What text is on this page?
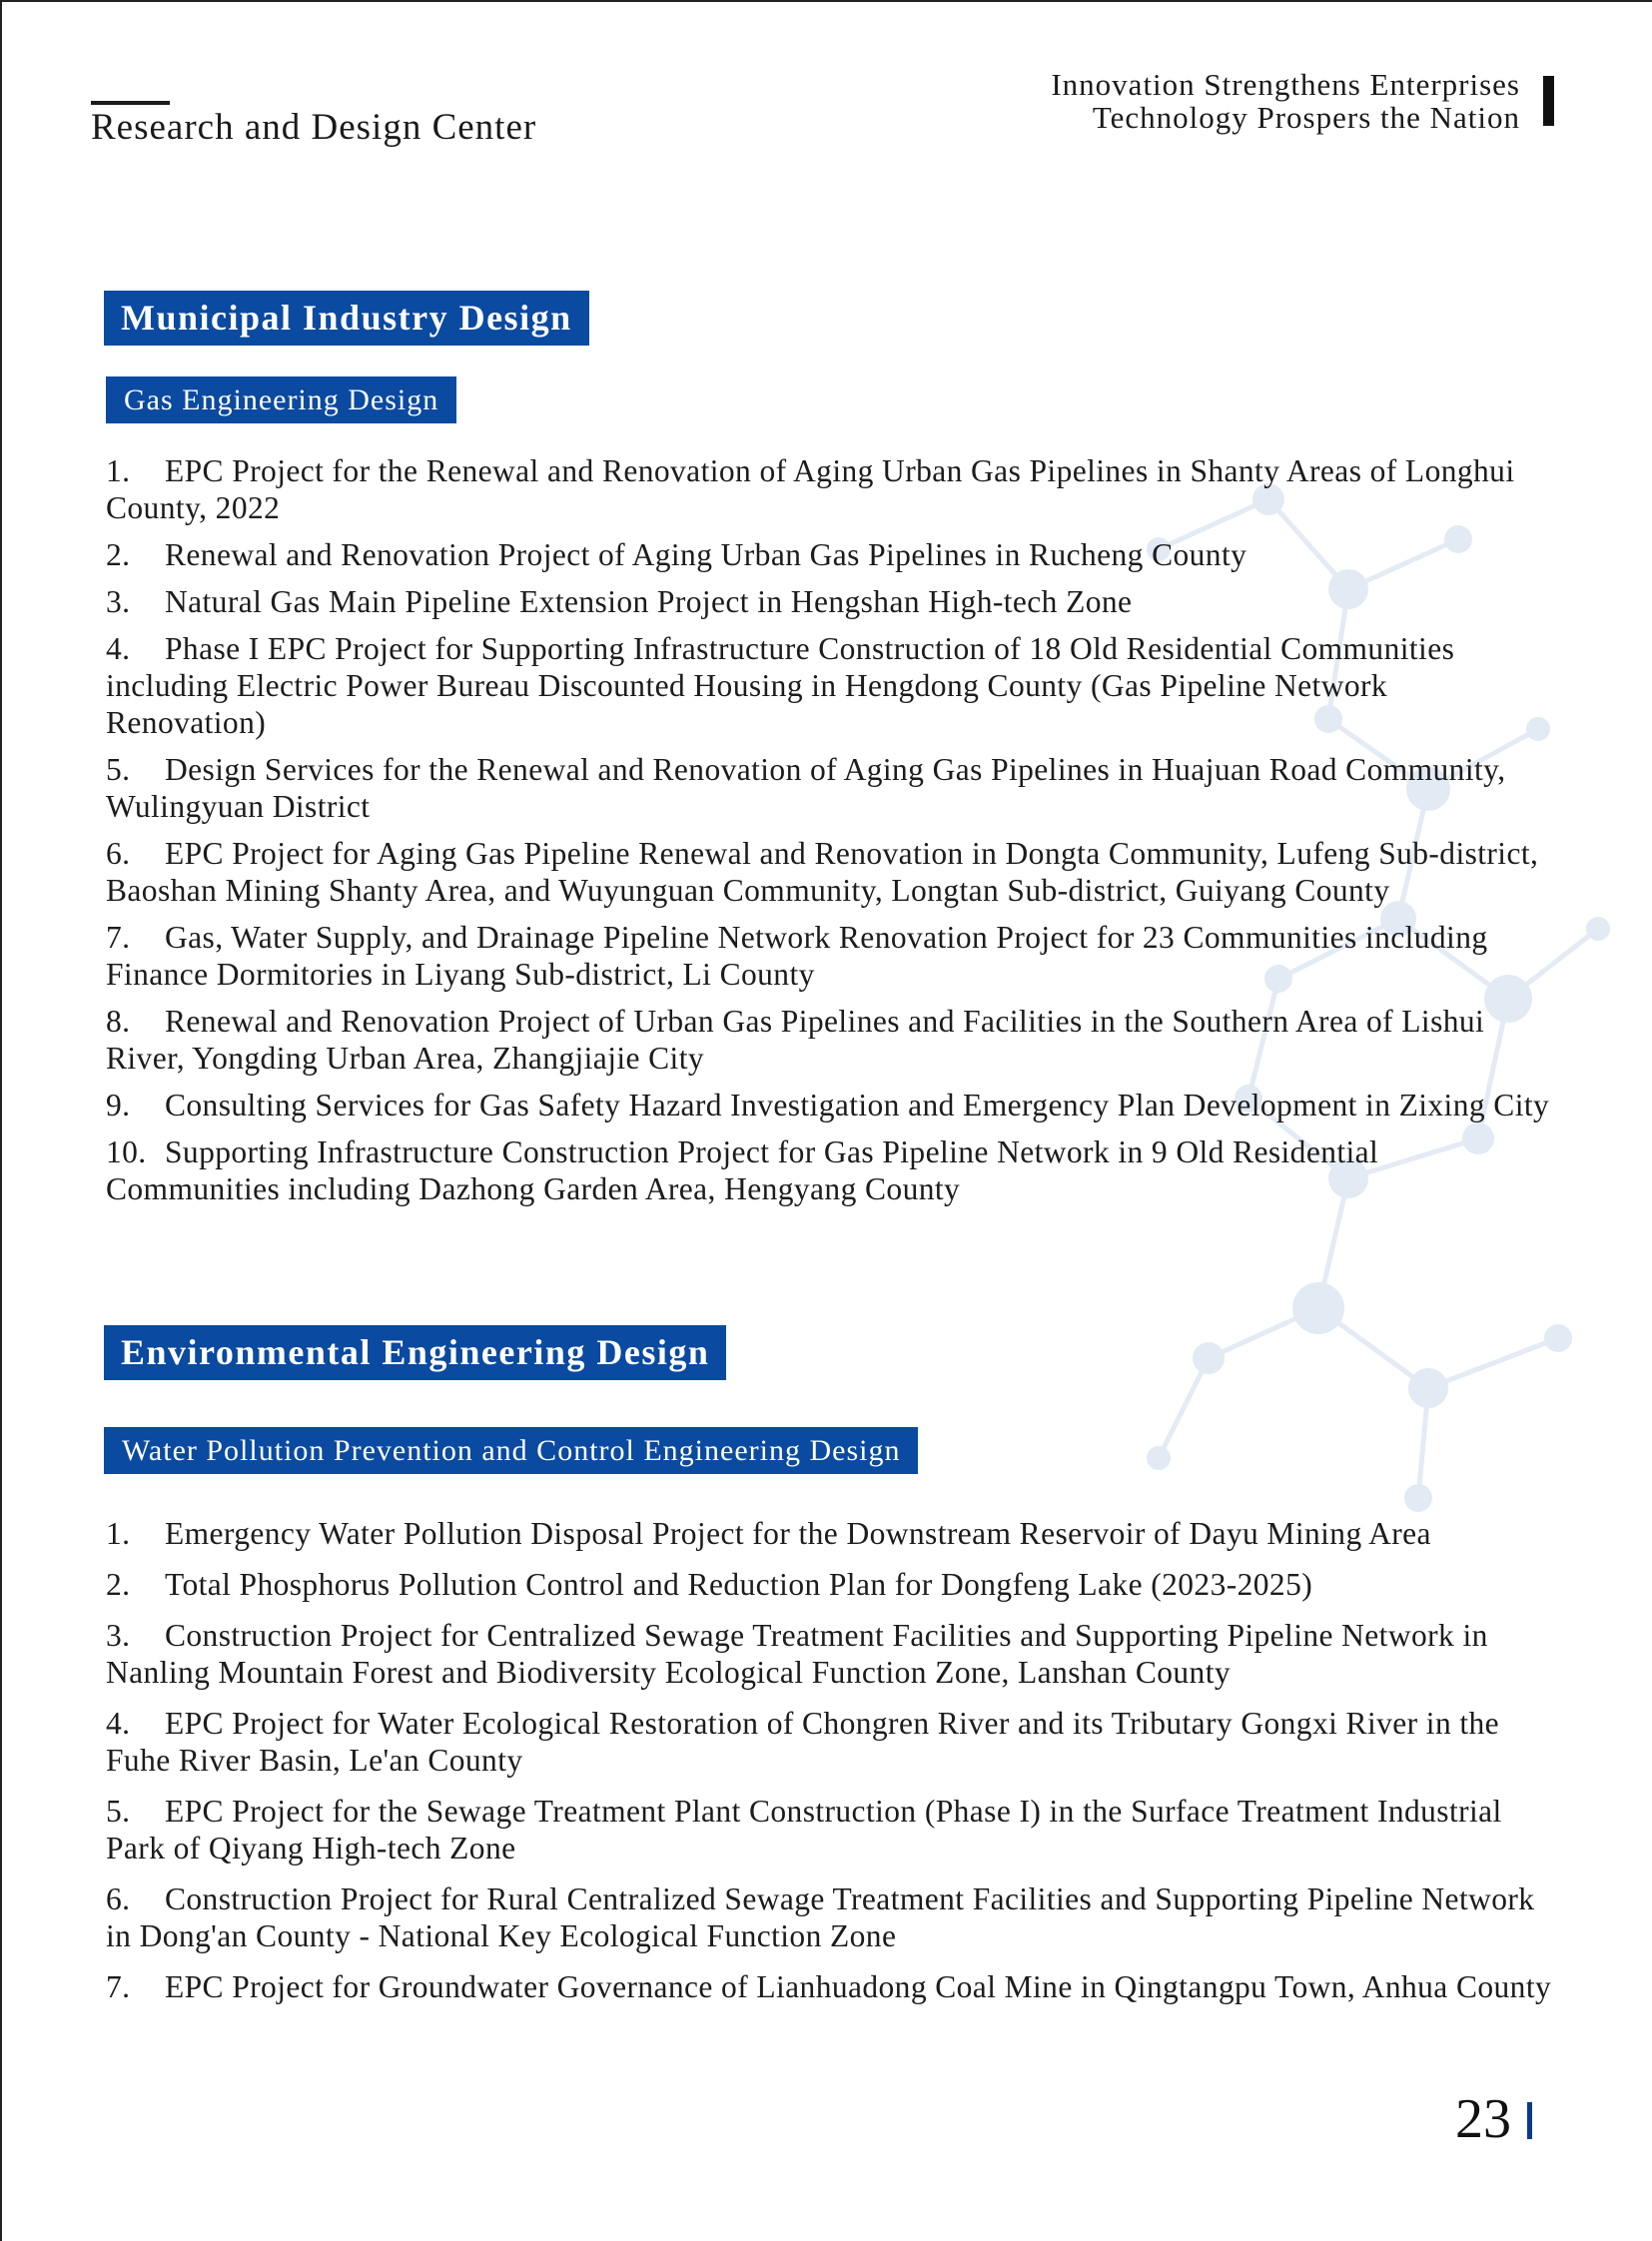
Research and Design Center
Innovation Strengthens Enterprises
Technology Prospers the Nation
Municipal Industry Design
Gas Engineering Design
1. EPC Project for the Renewal and Renovation of Aging Urban Gas Pipelines in Shanty Areas of Longhui County, 2022
2. Renewal and Renovation Project of Aging Urban Gas Pipelines in Rucheng County
3. Natural Gas Main Pipeline Extension Project in Hengshan High-tech Zone
4. Phase I EPC Project for Supporting Infrastructure Construction of 18 Old Residential Communities including Electric Power Bureau Discounted Housing in Hengdong County (Gas Pipeline Network Renovation)
5. Design Services for the Renewal and Renovation of Aging Gas Pipelines in Huajuan Road Community, Wulingyuan District
6. EPC Project for Aging Gas Pipeline Renewal and Renovation in Dongta Community, Lufeng Sub-district, Baoshan Mining Shanty Area, and Wuyunguan Community, Longtan Sub-district, Guiyang County
7. Gas, Water Supply, and Drainage Pipeline Network Renovation Project for 23 Communities including Finance Dormitories in Liyang Sub-district, Li County
8. Renewal and Renovation Project of Urban Gas Pipelines and Facilities in the Southern Area of Lishui River, Yongding Urban Area, Zhangjiajie City
9. Consulting Services for Gas Safety Hazard Investigation and Emergency Plan Development in Zixing City
10. Supporting Infrastructure Construction Project for Gas Pipeline Network in 9 Old Residential Communities including Dazhong Garden Area, Hengyang County
Environmental Engineering Design
Water Pollution Prevention and Control Engineering Design
1. Emergency Water Pollution Disposal Project for the Downstream Reservoir of Dayu Mining Area
2. Total Phosphorus Pollution Control and Reduction Plan for Dongfeng Lake (2023-2025)
3. Construction Project for Centralized Sewage Treatment Facilities and Supporting Pipeline Network in Nanling Mountain Forest and Biodiversity Ecological Function Zone, Lanshan County
4. EPC Project for Water Ecological Restoration of Chongren River and its Tributary Gongxi River in the Fuhe River Basin, Le'an County
5. EPC Project for the Sewage Treatment Plant Construction (Phase I) in the Surface Treatment Industrial Park of Qiyang High-tech Zone
6. Construction Project for Rural Centralized Sewage Treatment Facilities and Supporting Pipeline Network in Dong'an County - National Key Ecological Function Zone
7. EPC Project for Groundwater Governance of Lianhuadong Coal Mine in Qingtangpu Town, Anhua County
23
